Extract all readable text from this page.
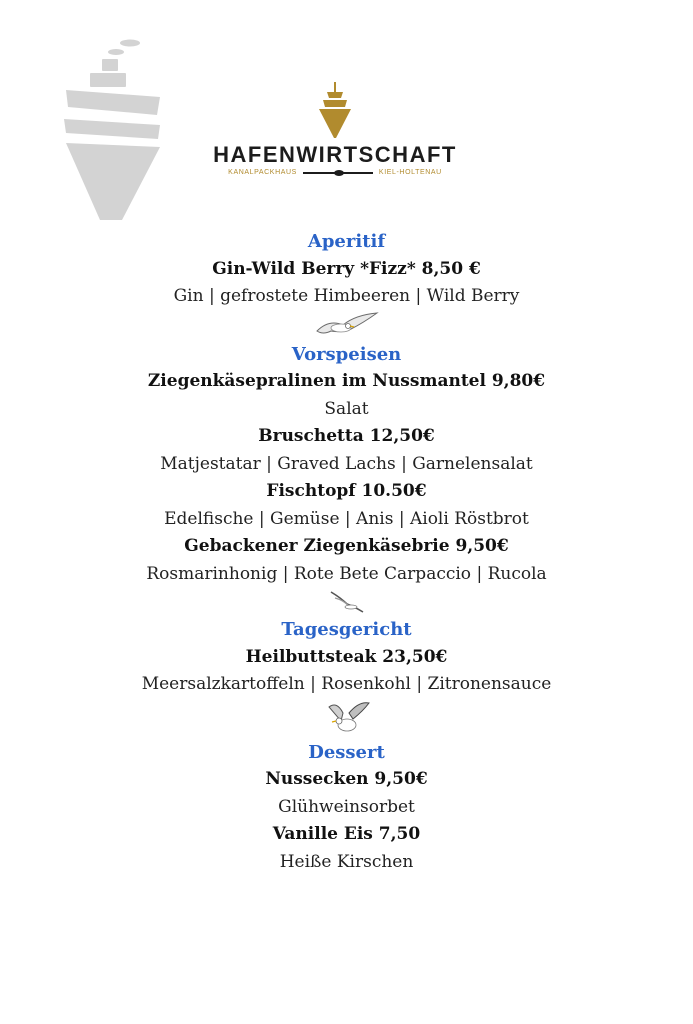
HAFENWIRTSCHAFT
KANALPACKHAUS	KIEL-HOLTENAU
Aperitif
Gin-Wild Berry *Fizz* 8,50 €
Gin | gefrostete Himbeeren | Wild Berry
Vorspeisen
Ziegenkäsepralinen im Nussmantel 9,80€
Salat
Bruschetta 12,50€
Matjestatar | Graved Lachs | Garnelensalat
Fischtopf 10.50€
Edelfische | Gemüse | Anis | Aioli Röstbrot
Gebackener Ziegenkäsebrie 9,50€
Rosmarinhonig | Rote Bete Carpaccio | Rucola
Tagesgericht
Heilbuttsteak 23,50€
Meersalzkartoffeln | Rosenkohl | Zitronensauce
Dessert
Nussecken 9,50€
Glühweinsorbet
Vanille Eis 7,50
Heiße Kirschen
